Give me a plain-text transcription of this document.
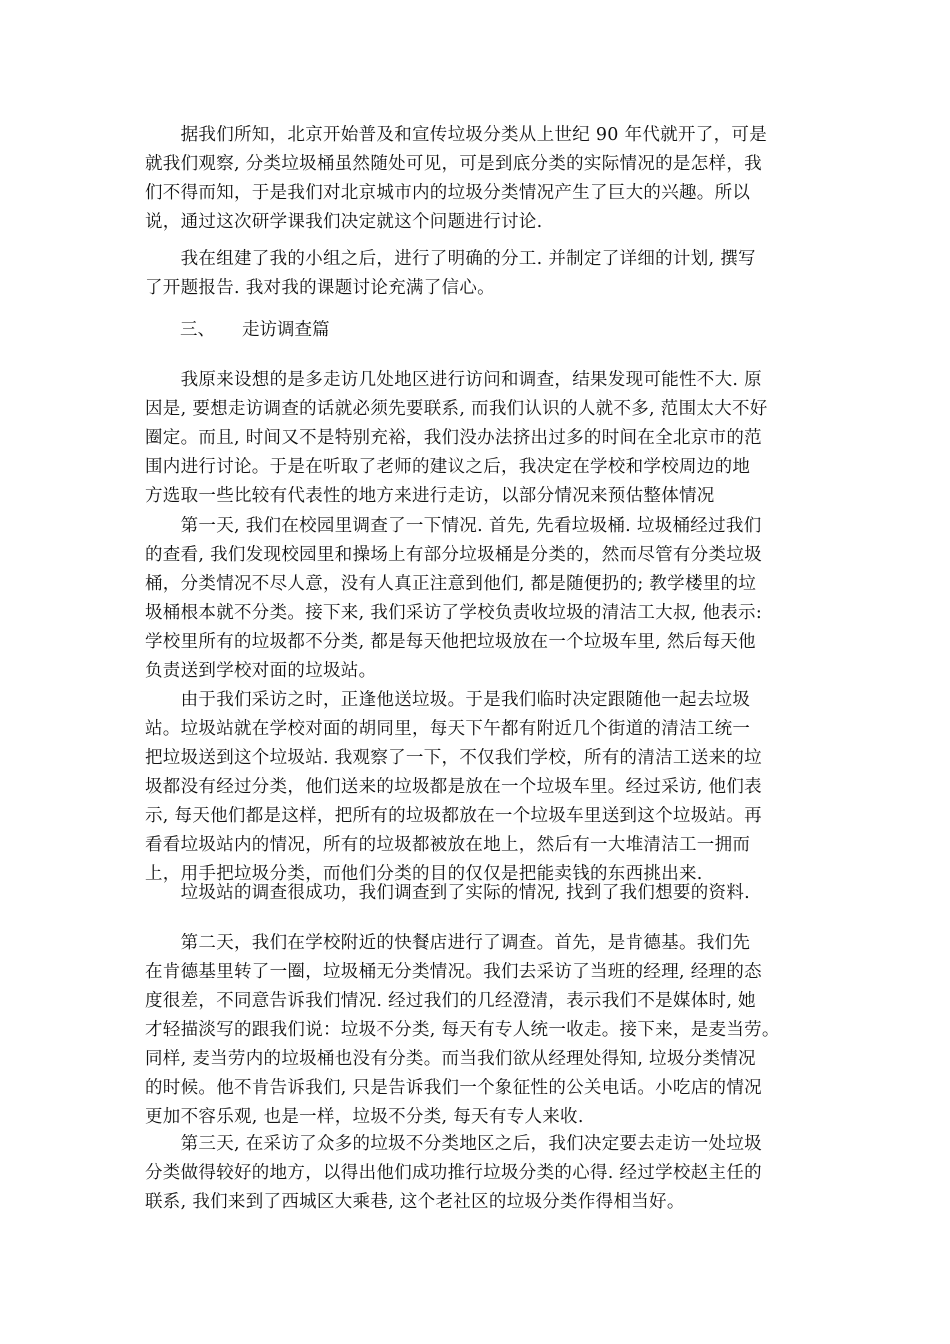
　　据我们所知，北京开始普及和宣传垃圾分类从上世纪 90 年代就开了，可是
就我们观察, 分类垃圾桶虽然随处可见，可是到底分类的实际情况的是怎样，我
们不得而知，于是我们对北京城市内的垃圾分类情况产生了巨大的兴趣。所以
说，通过这次研学课我们决定就这个问题进行讨论.
　　我在组建了我的小组之后，进行了明确的分工. 并制定了详细的计划, 撰写
了开题报告. 我对我的课题讨论充满了信心。
三、 走访调查篇
　　我原来设想的是多走访几处地区进行访问和调查，结果发现可能性不大. 原
因是, 要想走访调查的话就必须先要联系, 而我们认识的人就不多, 范围太大不好
圈定。而且, 时间又不是特别充裕，我们没办法挤出过多的时间在全北京市的范
围内进行讨论。于是在听取了老师的建议之后，我决定在学校和学校周边的地
方选取一些比较有代表性的地方来进行走访，以部分情况来预估整体情况
　　第一天, 我们在校园里调查了一下情况. 首先, 先看垃圾桶. 垃圾桶经过我们
的查看, 我们发现校园里和操场上有部分垃圾桶是分类的，然而尽管有分类垃圾
桶，分类情况不尽人意，没有人真正注意到他们, 都是随便扔的; 教学楼里的垃
圾桶根本就不分类。接下来, 我们采访了学校负责收垃圾的清洁工大叔, 他表示:
学校里所有的垃圾都不分类, 都是每天他把垃圾放在一个垃圾车里, 然后每天他
负责送到学校对面的垃圾站。
　　由于我们采访之时，正逢他送垃圾。于是我们临时决定跟随他一起去垃圾
站。垃圾站就在学校对面的胡同里，每天下午都有附近几个街道的清洁工统一
把垃圾送到这个垃圾站. 我观察了一下，不仅我们学校，所有的清洁工送来的垃
圾都没有经过分类，他们送来的垃圾都是放在一个垃圾车里。经过采访, 他们表
示, 每天他们都是这样，把所有的垃圾都放在一个垃圾车里送到这个垃圾站。再
看看垃圾站内的情况，所有的垃圾都被放在地上，然后有一大堆清洁工一拥而
上，用手把垃圾分类，而他们分类的目的仅仅是把能卖钱的东西挑出来.
　　垃圾站的调查很成功，我们调查到了实际的情况, 找到了我们想要的资料.
　　第二天，我们在学校附近的快餐店进行了调查。首先，是肯德基。我们先
在肯德基里转了一圈，垃圾桶无分类情况。我们去采访了当班的经理, 经理的态
度很差，不同意告诉我们情况. 经过我们的几经澄清，表示我们不是媒体时, 她
才轻描淡写的跟我们说：垃圾不分类, 每天有专人统一收走。接下来，是麦当劳。
同样, 麦当劳内的垃圾桶也没有分类。而当我们欲从经理处得知, 垃圾分类情况
的时候。他不肯告诉我们, 只是告诉我们一个象征性的公关电话。小吃店的情况
更加不容乐观, 也是一样，垃圾不分类, 每天有专人来收.
　　第三天, 在采访了众多的垃圾不分类地区之后，我们决定要去走访一处垃圾
分类做得较好的地方，以得出他们成功推行垃圾分类的心得. 经过学校赵主任的
联系, 我们来到了西城区大乘巷, 这个老社区的垃圾分类作得相当好。
